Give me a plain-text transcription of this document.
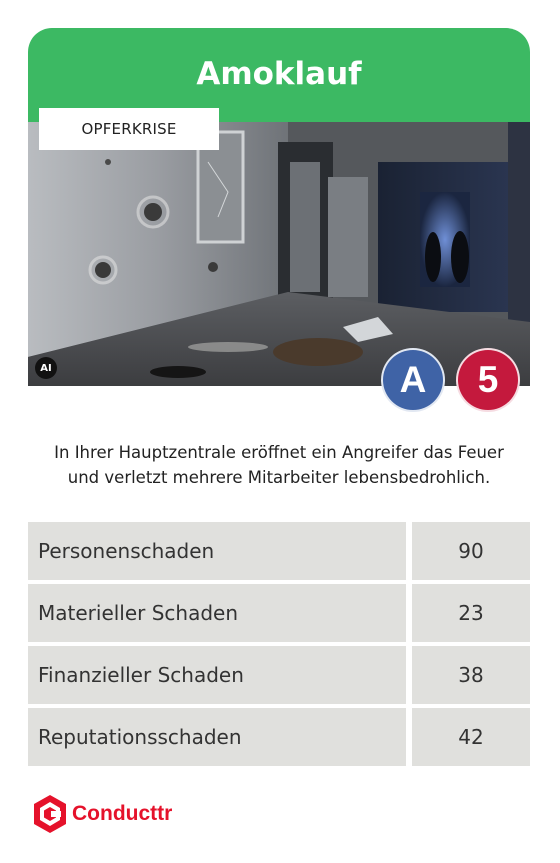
Amoklauf
OPFERKRISE
AI	A	5
In Ihrer Hauptzentrale eröffnet ein Angreifer das Feuer
und verletzt mehrere Mitarbeiter lebensbedrohlich.
Personenschaden	90
Materieller Schaden	23
Finanzieller Schaden	38
Reputationsschaden	42
Conducttr
